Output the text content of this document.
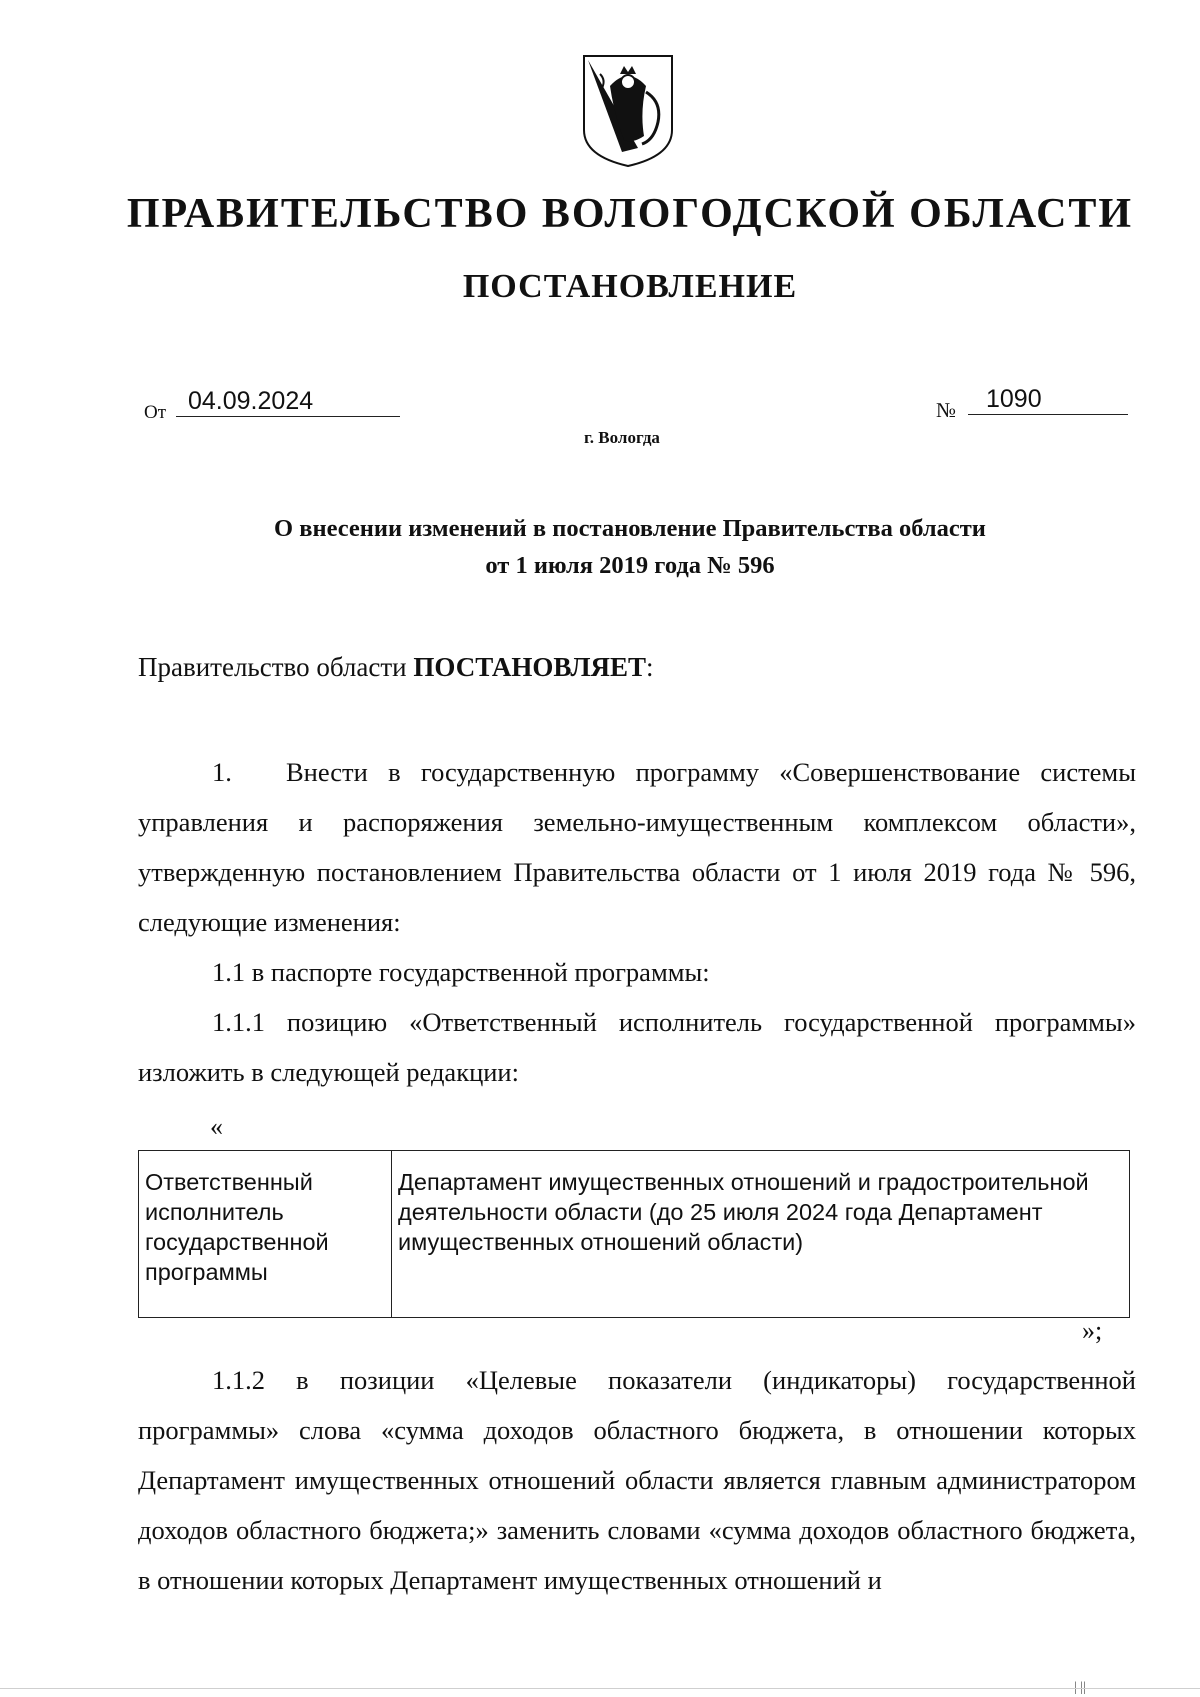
ПРАВИТЕЛЬСТВО ВОЛОГОДСКОЙ ОБЛАСТИ
ПОСТАНОВЛЕНИЕ
От 04.09.2024	№	1090
г. Вологда
О внесении изменений в постановление Правительства области
от 1 июля 2019 года № 596
Правительство области ПОСТАНОВЛЯЕТ:
1. Внести в государственную программу «Совершенствование системы управления и распоряжения земельно-имущественным комплексом области», утвержденную постановлением Правительства области от 1 июля 2019 года № 596, следующие изменения:
1.1 в паспорте государственной программы:
1.1.1 позицию «Ответственный исполнитель государственной программы» изложить в следующей редакции:
«
Ответственный исполнитель государственной программы	Департамент имущественных отношений и градостроительной деятельности области (до 25 июля 2024 года Департамент имущественных отношений области)
»;
1.1.2 в позиции «Целевые показатели (индикаторы) государственной программы» слова «сумма доходов областного бюджета, в отношении которых Департамент имущественных отношений области является главным администратором доходов областного бюджета;» заменить словами «сумма доходов областного бюджета, в отношении которых Департамент имущественных отношений и
